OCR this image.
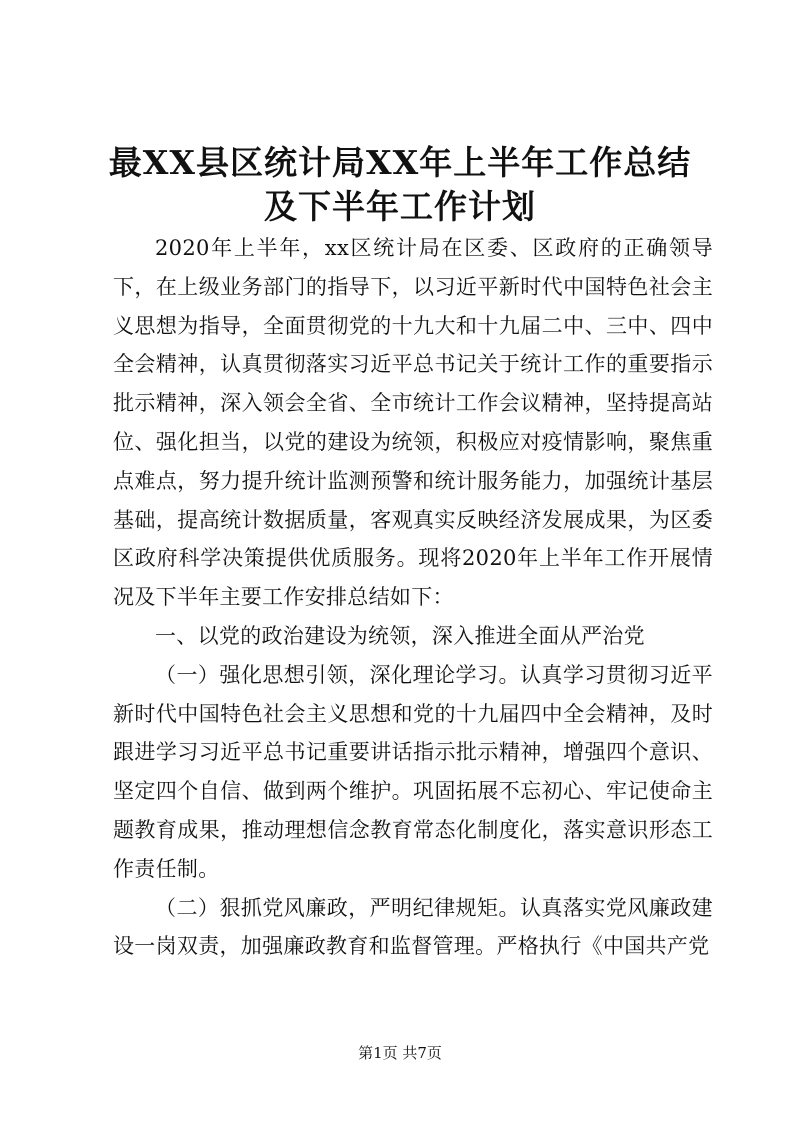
最XX县区统计局XX年上半年工作总结及下半年工作计划

2020年上半年，xx区统计局在区委、区政府的正确领导下，在上级业务部门的指导下，以习近平新时代中国特色社会主义思想为指导，全面贯彻党的十九大和十九届二中、三中、四中全会精神，认真贯彻落实习近平总书记关于统计工作的重要指示批示精神，深入领会全省、全市统计工作会议精神，坚持提高站位、强化担当，以党的建设为统领，积极应对疫情影响，聚焦重点难点，努力提升统计监测预警和统计服务能力，加强统计基层基础，提高统计数据质量，客观真实反映经济发展成果，为区委区政府科学决策提供优质服务。现将2020年上半年工作开展情况及下半年主要工作安排总结如下：

一、以党的政治建设为统领，深入推进全面从严治党

（一）强化思想引领，深化理论学习。认真学习贯彻习近平新时代中国特色社会主义思想和党的十九届四中全会精神，及时跟进学习习近平总书记重要讲话指示批示精神，增强四个意识、坚定四个自信、做到两个维护。巩固拓展不忘初心、牢记使命主题教育成果，推动理想信念教育常态化制度化，落实意识形态工作责任制。

（二）狠抓党风廉政，严明纪律规矩。认真落实党风廉政建设一岗双责，加强廉政教育和监督管理。严格执行《中国共产党

第1页 共7页
